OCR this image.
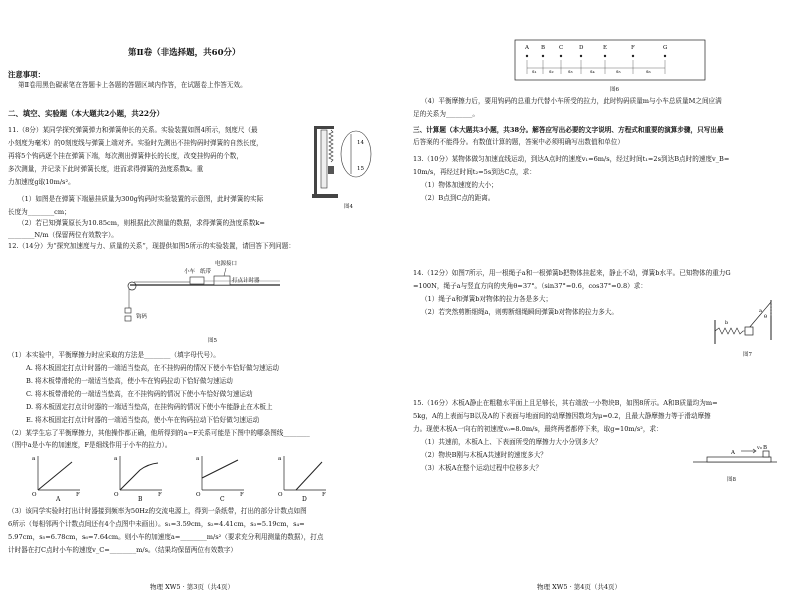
第Ⅱ卷（非选择题，共60分）
注意事项：
第Ⅱ卷用黑色碳素笔在答题卡上各题的答题区域内作答，在试题卷上作答无效。
二、填空、实验题（本大题共2小题，共22分）
11.（8分）某同学探究弹簧弹力和弹簧伸长的关系。实验装置如图4所示，刻度尺（最
小刻度为毫米）的0刻度线与弹簧上端对齐。实验时先测出不挂钩码时弹簧的自然长度，
再将5个钩码逐个挂在弹簧下端，每次测出弹簧伸长的长度，改变挂钩码的个数，
多次测量，并记录下此时弹簧长度，进而求得弹簧的劲度系数k。重
力加速度g取10m/s²。
（1）如图是在弹簧下端悬挂质量为300g钩码时实验装置的示意图，此时弹簧的实际
长度为________cm；
（2）若已知弹簧原长为10.85cm，则根据此次测量的数据，求得弹簧的劲度系数k=
________N/m（保留两位有效数字）。
14
15
图4
12.（14分）为“探究加速度与力、质量的关系”，现提供如图5所示的实验装置，请回答下列问题：
电源接口
小车 纸带
打点计时器
钩码
图5
（1）本实验中，平衡摩擦力时应采取的方法是________（填字母代号）。
A. 将木板固定打点计时器的一端适当垫高，在不挂钩码的情况下使小车恰好做匀速运动
B. 将木板带滑轮的一端适当垫高，使小车在钩码拉动下恰好做匀速运动
C. 将木板带滑轮的一端适当垫高，在不挂钩码的情况下使小车恰好做匀速运动
D. 将木板固定打点计时器的一端适当垫高，在挂钩码的情况下使小车能静止在木板上
E. 将木板固定打点计时器的一端适当垫高，使小车在钩码拉动下恰好做匀速运动
（2）某学生忘了平衡摩擦力，其他操作都正确，他所得到的a−F关系可能是下图中的哪条图线________
（图中a是小车的加速度，F是细线作用于小车的拉力）。
a
O	F
A
a
O	F
B
a
O	F
C
a
O	F
D
（3）该同学实验时打出计时器接到频率为50Hz的交流电源上，得到一条纸带，打出的部分计数点如图
6所示（每相邻两个计数点间还有4个点图中未画出）。s₁=3.59cm，s₂=4.41cm，s₃=5.19cm，s₄=
5.97cm，s₅=6.78cm，s₆=7.64cm。则小车的加速度a=________m/s²（要求充分利用测量的数据），打点
计时器在打C点时小车的速度v_C=________m/s。（结果均保留两位有效数字）
物理 XW5 · 第3页（共4页）
A B	C	D	E	F	G
s₁ s₂	s₃	s₄	s₅	s₆
图6
（4）平衡摩擦力后，要用钩码的总重力代替小车所受的拉力，此时钩码质量m与小车总质量M之间应满
足的关系为________。
三、计算题（本大题共3小题，共38分。解答应写出必要的文字说明、方程式和重要的演算步骤，只写出最
后答案的不能得分。有数值计算的题，答案中必须明确写出数值和单位）
13.（10分）某物体做匀加速直线运动，到达A点时的速度v₁=6m/s，经过时间t₁=2s到达B点时的速度v_B=
10m/s，再经过时间t₂=5s到达C点，求：
（1）物体加速度的大小；
（2）B点到C点的距离。
14.（12分）如图7所示，用一根绳子a和一根弹簧b把物体挂起来，静止不动，弹簧b水平。已知物体的重力G
=100N，绳子a与竖直方向的夹角θ=37°。（sin37°=0.6，cos37°=0.8）求：
（1）绳子a和弹簧b对物体的拉力各是多大；
（2）若突然剪断细绳a，则剪断细绳瞬间弹簧b对物体的拉力多大。	a
b
θ
图7
15.（16分）木板A静止在粗糙水平面上且足够长，其右端放一小物块B，如图8所示。A和B质量均为m=
5kg，A的上表面与B以及A的下表面与地面间的动摩擦因数均为μ=0.2，且最大静摩擦力等于滑动摩擦
力。现使木板A一向右的初速度v₀=8.0m/s，最终两者都停下来，取g=10m/s²，求：
（1）共速前，木板A上、下表面所受的摩擦力大小分别多大？
（2）物块B刚与木板A共速时的速度多大？
（3）木板A在整个运动过程中位移多大？
A
B
v₀
图8
物理 XW5 · 第4页（共4页）
